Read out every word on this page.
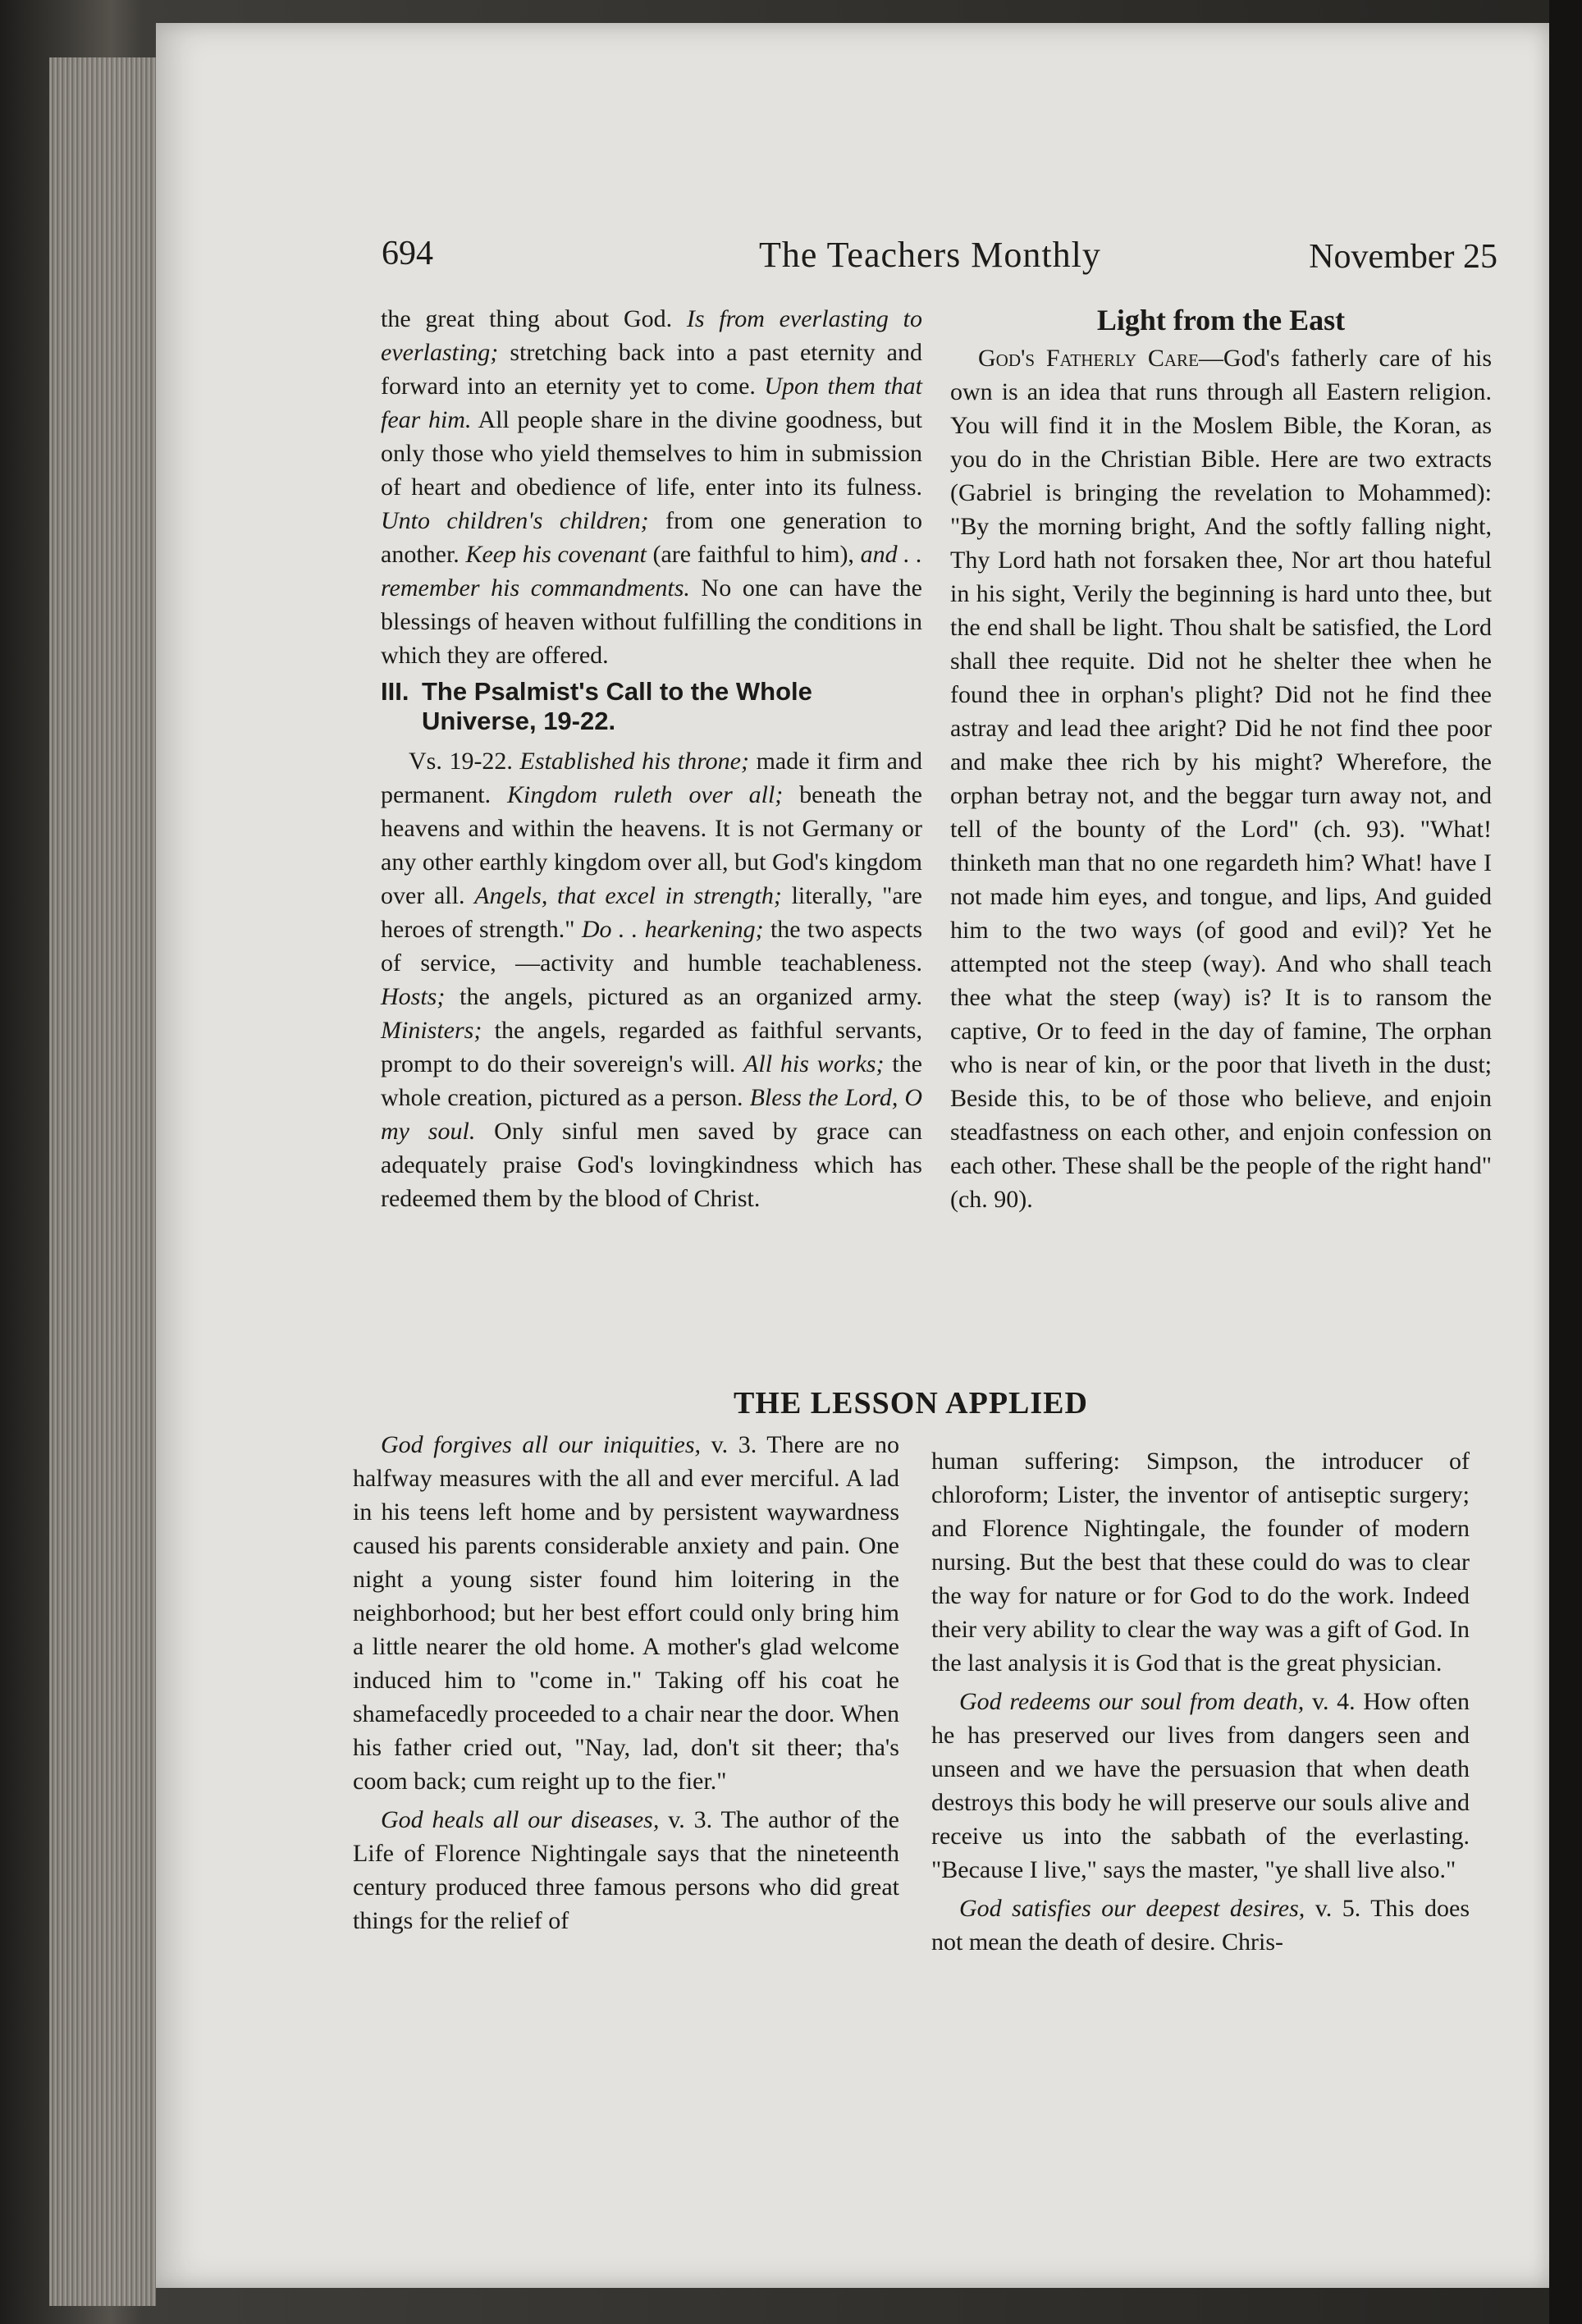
694	The Teachers Monthly	November 25

the great thing about God. Is from everlasting to everlasting; stretching back into a past eternity and forward into an eternity yet to come. Upon them that fear him. All people share in the divine goodness, but only those who yield themselves to him in submission of heart and obedience of life, enter into its fulness. Unto children's children; from one generation to another. Keep his covenant (are faithful to him), and . . remember his commandments. No one can have the blessings of heaven without fulfilling the conditions in which they are offered.

III. The Psalmist's Call to the Whole
Universe, 19-22.

Vs. 19-22. Established his throne; made it firm and permanent. Kingdom ruleth over all; beneath the heavens and within the heavens. It is not Germany or any other earthly kingdom over all, but God's kingdom over all. Angels, that excel in strength; literally, "are heroes of strength." Do . . hearkening; the two aspects of service, —activity and humble teachableness. Hosts; the angels, pictured as an organized army. Ministers; the angels, regarded as faithful servants, prompt to do their sovereign's will. All his works; the whole creation, pictured as a person. Bless the Lord, O my soul. Only sinful men saved by grace can adequately praise God's lovingkindness which has redeemed them by the blood of Christ.

Light from the East

God's Fatherly Care—God's fatherly care of his own is an idea that runs through all Eastern religion. You will find it in the Moslem Bible, the Koran, as you do in the Christian Bible. Here are two extracts (Gabriel is bringing the revelation to Mohammed): "By the morning bright, And the softly falling night, Thy Lord hath not forsaken thee, Nor art thou hateful in his sight, Verily the beginning is hard unto thee, but the end shall be light. Thou shalt be satisfied, the Lord shall thee requite. Did not he shelter thee when he found thee in orphan's plight? Did not he find thee astray and lead thee aright? Did he not find thee poor and make thee rich by his might? Wherefore, the orphan betray not, and the beggar turn away not, and tell of the bounty of the Lord" (ch. 93). "What! thinketh man that no one regardeth him? What! have I not made him eyes, and tongue, and lips, And guided him to the two ways (of good and evil)? Yet he attempted not the steep (way). And who shall teach thee what the steep (way) is? It is to ransom the captive, Or to feed in the day of famine, The orphan who is near of kin, or the poor that liveth in the dust; Beside this, to be of those who believe, and enjoin steadfastness on each other, and enjoin confession on each other. These shall be the people of the right hand" (ch. 90).

THE LESSON APPLIED

God forgives all our iniquities, v. 3. There are no halfway measures with the all and ever merciful. A lad in his teens left home and by persistent waywardness caused his parents considerable anxiety and pain. One night a young sister found him loitering in the neighborhood; but her best effort could only bring him a little nearer the old home. A mother's glad welcome induced him to "come in." Taking off his coat he shamefacedly proceeded to a chair near the door. When his father cried out, "Nay, lad, don't sit theer; tha's coom back; cum reight up to the fier."

God heals all our diseases, v. 3. The author of the Life of Florence Nightingale says that the nineteenth century produced three famous persons who did great things for the relief of

human suffering: Simpson, the introducer of chloroform; Lister, the inventor of antiseptic surgery; and Florence Nightingale, the founder of modern nursing. But the best that these could do was to clear the way for nature or for God to do the work. Indeed their very ability to clear the way was a gift of God. In the last analysis it is God that is the great physician.

God redeems our soul from death, v. 4. How often he has preserved our lives from dangers seen and unseen and we have the persuasion that when death destroys this body he will preserve our souls alive and receive us into the sabbath of the everlasting. "Because I live," says the master, "ye shall live also."

God satisfies our deepest desires, v. 5. This does not mean the death of desire. Chris-
